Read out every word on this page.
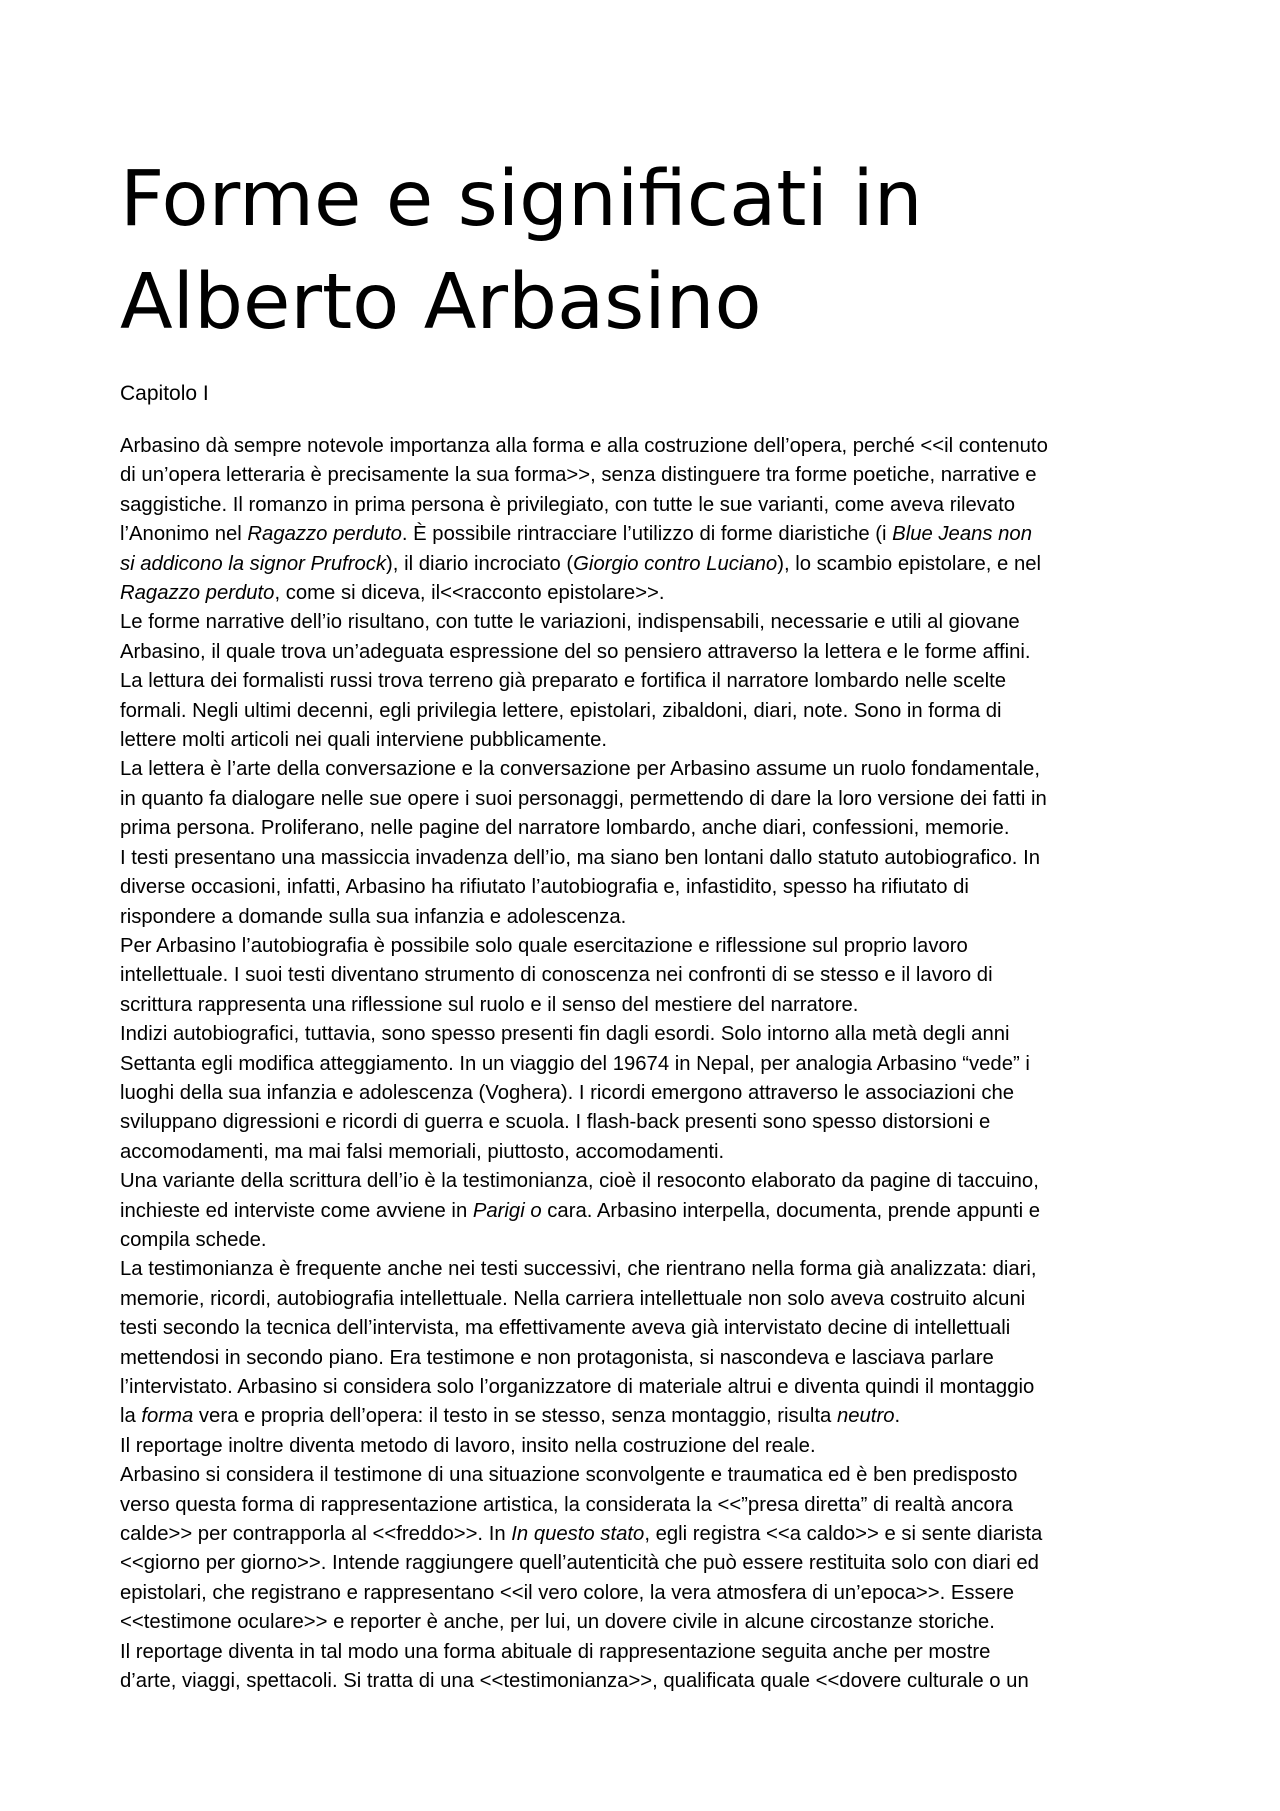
Forme e significati in
Alberto Arbasino

Capitolo I

Arbasino dà sempre notevole importanza alla forma e alla costruzione dell’opera, perché <<il contenuto
di un’opera letteraria è precisamente la sua forma>>, senza distinguere tra forme poetiche, narrative e
saggistiche. Il romanzo in prima persona è privilegiato, con tutte le sue varianti, come aveva rilevato
l’Anonimo nel Ragazzo perduto. È possibile rintracciare l’utilizzo di forme diaristiche (i Blue Jeans non
si addicono la signor Prufrock), il diario incrociato (Giorgio contro Luciano), lo scambio epistolare, e nel
Ragazzo perduto, come si diceva, il<<racconto epistolare>>.
Le forme narrative dell’io risultano, con tutte le variazioni, indispensabili, necessarie e utili al giovane
Arbasino, il quale trova un’adeguata espressione del so pensiero attraverso la lettera e le forme affini.
La lettura dei formalisti russi trova terreno già preparato e fortifica il narratore lombardo nelle scelte
formali. Negli ultimi decenni, egli privilegia lettere, epistolari, zibaldoni, diari, note. Sono in forma di
lettere molti articoli nei quali interviene pubblicamente.
La lettera è l’arte della conversazione e la conversazione per Arbasino assume un ruolo fondamentale,
in quanto fa dialogare nelle sue opere i suoi personaggi, permettendo di dare la loro versione dei fatti in
prima persona. Proliferano, nelle pagine del narratore lombardo, anche diari, confessioni, memorie.
I testi presentano una massiccia invadenza dell’io, ma siano ben lontani dallo statuto autobiografico. In
diverse occasioni, infatti, Arbasino ha rifiutato l’autobiografia e, infastidito, spesso ha rifiutato di
rispondere a domande sulla sua infanzia e adolescenza.
Per Arbasino l’autobiografia è possibile solo quale esercitazione e riflessione sul proprio lavoro
intellettuale. I suoi testi diventano strumento di conoscenza nei confronti di se stesso e il lavoro di
scrittura rappresenta una riflessione sul ruolo e il senso del mestiere del narratore.
Indizi autobiografici, tuttavia, sono spesso presenti fin dagli esordi. Solo intorno alla metà degli anni
Settanta egli modifica atteggiamento. In un viaggio del 19674 in Nepal, per analogia Arbasino “vede” i
luoghi della sua infanzia e adolescenza (Voghera). I ricordi emergono attraverso le associazioni che
sviluppano digressioni e ricordi di guerra e scuola. I flash-back presenti sono spesso distorsioni e
accomodamenti, ma mai falsi memoriali, piuttosto, accomodamenti.
Una variante della scrittura dell’io è la testimonianza, cioè il resoconto elaborato da pagine di taccuino,
inchieste ed interviste come avviene in Parigi o cara. Arbasino interpella, documenta, prende appunti e
compila schede.
La testimonianza è frequente anche nei testi successivi, che rientrano nella forma già analizzata: diari,
memorie, ricordi, autobiografia intellettuale. Nella carriera intellettuale non solo aveva costruito alcuni
testi secondo la tecnica dell’intervista, ma effettivamente aveva già intervistato decine di intellettuali
mettendosi in secondo piano. Era testimone e non protagonista, si nascondeva e lasciava parlare
l’intervistato. Arbasino si considera solo l’organizzatore di materiale altrui e diventa quindi il montaggio
la forma vera e propria dell’opera: il testo in se stesso, senza montaggio, risulta neutro.
Il reportage inoltre diventa metodo di lavoro, insito nella costruzione del reale.
Arbasino si considera il testimone di una situazione sconvolgente e traumatica ed è ben predisposto
verso questa forma di rappresentazione artistica, la considerata la <<”presa diretta” di realtà ancora
calde>> per contrapporla al <<freddo>>. In In questo stato, egli registra <<a caldo>> e si sente diarista
<<giorno per giorno>>. Intende raggiungere quell’autenticità che può essere restituita solo con diari ed
epistolari, che registrano e rappresentano <<il vero colore, la vera atmosfera di un’epoca>>. Essere
<<testimone oculare>> e reporter è anche, per lui, un dovere civile in alcune circostanze storiche.
Il reportage diventa in tal modo una forma abituale di rappresentazione seguita anche per mostre
d’arte, viaggi, spettacoli. Si tratta di una <<testimonianza>>, qualificata quale <<dovere culturale o un
